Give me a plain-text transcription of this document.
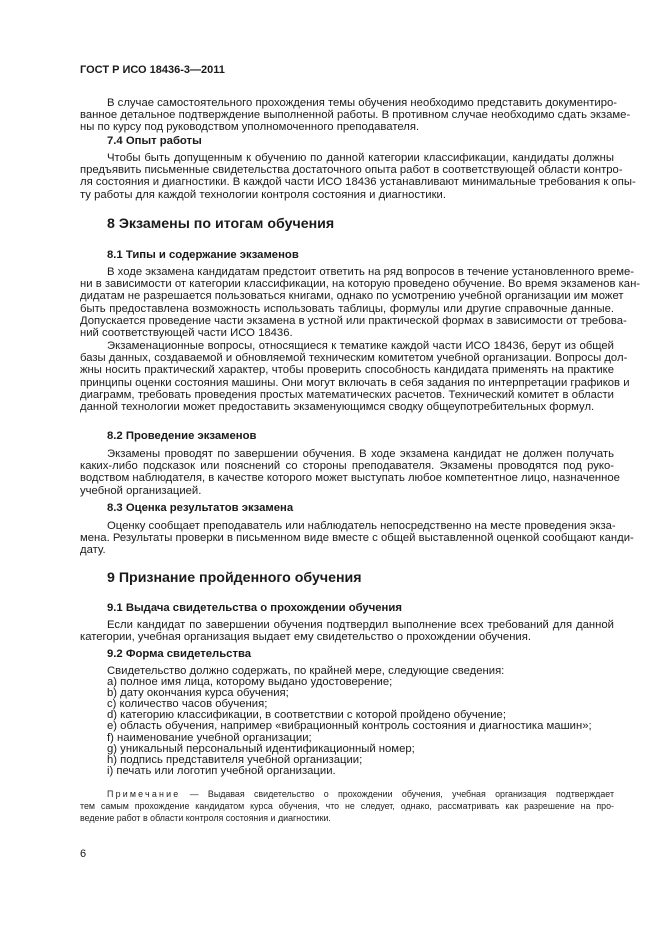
ГОСТ Р ИСО 18436-3—2011
В случае самостоятельного прохождения темы обучения необходимо представить документиро-
ванное детальное подтверждение выполненной работы. В противном случае необходимо сдать экзаме-
ны по курсу под руководством уполномоченного преподавателя.
7.4 Опыт работы
Чтобы быть допущенным к обучению по данной категории классификации, кандидаты должны
предъявить письменные свидетельства достаточного опыта работ в соответствующей области контро-
ля состояния и диагностики. В каждой части ИСО 18436 устанавливают минимальные требования к опы-
ту работы для каждой технологии контроля состояния и диагностики.
8 Экзамены по итогам обучения
8.1 Типы и содержание экзаменов
В ходе экзамена кандидатам предстоит ответить на ряд вопросов в течение установленного време-
ни в зависимости от категории классификации, на которую проведено обучение. Во время экзаменов кан-
дидатам не разрешается пользоваться книгами, однако по усмотрению учебной организации им может
быть предоставлена возможность использовать таблицы, формулы или другие справочные данные.
Допускается проведение части экзамена в устной или практической формах в зависимости от требова-
ний соответствующей части ИСО 18436.
Экзаменационные вопросы, относящиеся к тематике каждой части ИСО 18436, берут из общей
базы данных, создаваемой и обновляемой техническим комитетом учебной организации. Вопросы дол-
жны носить практический характер, чтобы проверить способность кандидата применять на практике
принципы оценки состояния машины. Они могут включать в себя задания по интерпретации графиков и
диаграмм, требовать проведения простых математических расчетов. Технический комитет в области
данной технологии может предоставить экзаменующимся сводку общеупотребительных формул.
8.2 Проведение экзаменов
Экзамены проводят по завершении обучения. В ходе экзамена кандидат не должен получать
каких-либо подсказок или пояснений со стороны преподавателя. Экзамены проводятся под руко-
водством наблюдателя, в качестве которого может выступать любое компетентное лицо, назначенное
учебной организацией.
8.3 Оценка результатов экзамена
Оценку сообщает преподаватель или наблюдатель непосредственно на месте проведения экза-
мена. Результаты проверки в письменном виде вместе с общей выставленной оценкой сообщают канди-
дату.
9 Признание пройденного обучения
9.1 Выдача свидетельства о прохождении обучения
Если кандидат по завершении обучения подтвердил выполнение всех требований для данной
категории, учебная организация выдает ему свидетельство о прохождении обучения.
9.2 Форма свидетельства
Свидетельство должно содержать, по крайней мере, следующие сведения:
a) полное имя лица, которому выдано удостоверение;
b) дату окончания курса обучения;
c) количество часов обучения;
d) категорию классификации, в соответствии с которой пройдено обучение;
e) область обучения, например «вибрационный контроль состояния и диагностика машин»;
f) наименование учебной организации;
g) уникальный персональный идентификационный номер;
h) подпись представителя учебной организации;
i) печать или логотип учебной организации.
Примечание — Выдавая свидетельство о прохождении обучения, учебная организация подтверждает
тем самым прохождение кандидатом курса обучения, что не следует, однако, рассматривать как разрешение на про-
ведение работ в области контроля состояния и диагностики.
6
